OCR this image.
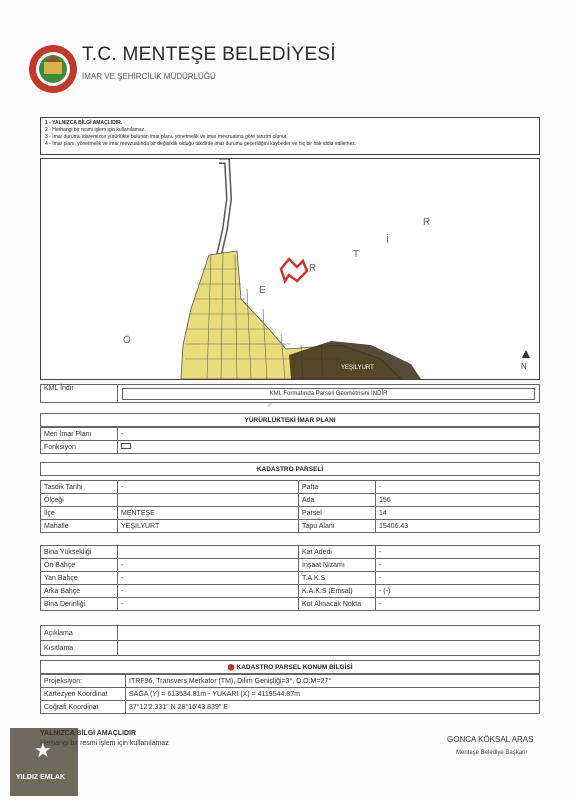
T.C. MENTEŞE BELEDİYESİ
İMAR VE ŞEHİRCİLİK MÜDÜRLÜĞÜ
1 - YALNIZCA BİLGİ AMAÇLIDIR.
2 - Herhangi bir resmi işlem için kullanılamaz.
3 - İmar durumu idaremizce yürürlükte bulunan imar planı, yönetmelik ve imar mevzuatına göre tanzim olunur.
4 - İmar planı, yönetmelik ve imar mevzuatında bir değişiklik olduğu takdirde imar durumu geçerliliğini kaybeder ve hiç bir hak iddia edilemez.
Ö
E
R
T
İ
R
YEŞİLYURT
▲
N
KML İndir	
KML Formatında Parseli Geometrisini İNDİR
YÜRÜRLÜKTEKİ İMAR PLANI
Meri İmar Planı	-
Fonksiyon	
KADASTRO PARSELİ
Tasdik Tarihi	-	Pafta	-
Ölçeği		Ada	156
İlçe	MENTEŞE	Parsel	14
Mahalle	YEŞİLYURT	Tapu Alanı	15406.43
Bina Yüksekliği		Kat Adedi	-
Ön Bahçe	-	İnşaat Nizamı	-
Yan Bahçe	-	T.A.K.S	-
Arka Bahçe	-	K.A.K.S (Emsal)	- (-)
Bina Derinliği	-	Kot Alınacak Nokta	-
Açıklama	
Kısıtlama	
⬤ KADASTRO PARSEL KONUM BİLGİSİ
Projeksiyon:	ITRF96, Transvers Merkator (TM), Dilim Genişliği=3°, D.O.M=27°
Kartezyen Koordinat	SAĞA (Y) = 613534.81m - YUKARI (X) = 4119544.87m
Coğrafi Koordinat	37°12'2.331" N 28°16'43.839" E
★
YILDIZ EMLAK
YALNIZCA BİLGİ AMAÇLIDIR
Herhangi bir resmi işlem için kullanılamaz	GONCA KÖKSAL ARAS
Menteşe Belediye Başkanı
